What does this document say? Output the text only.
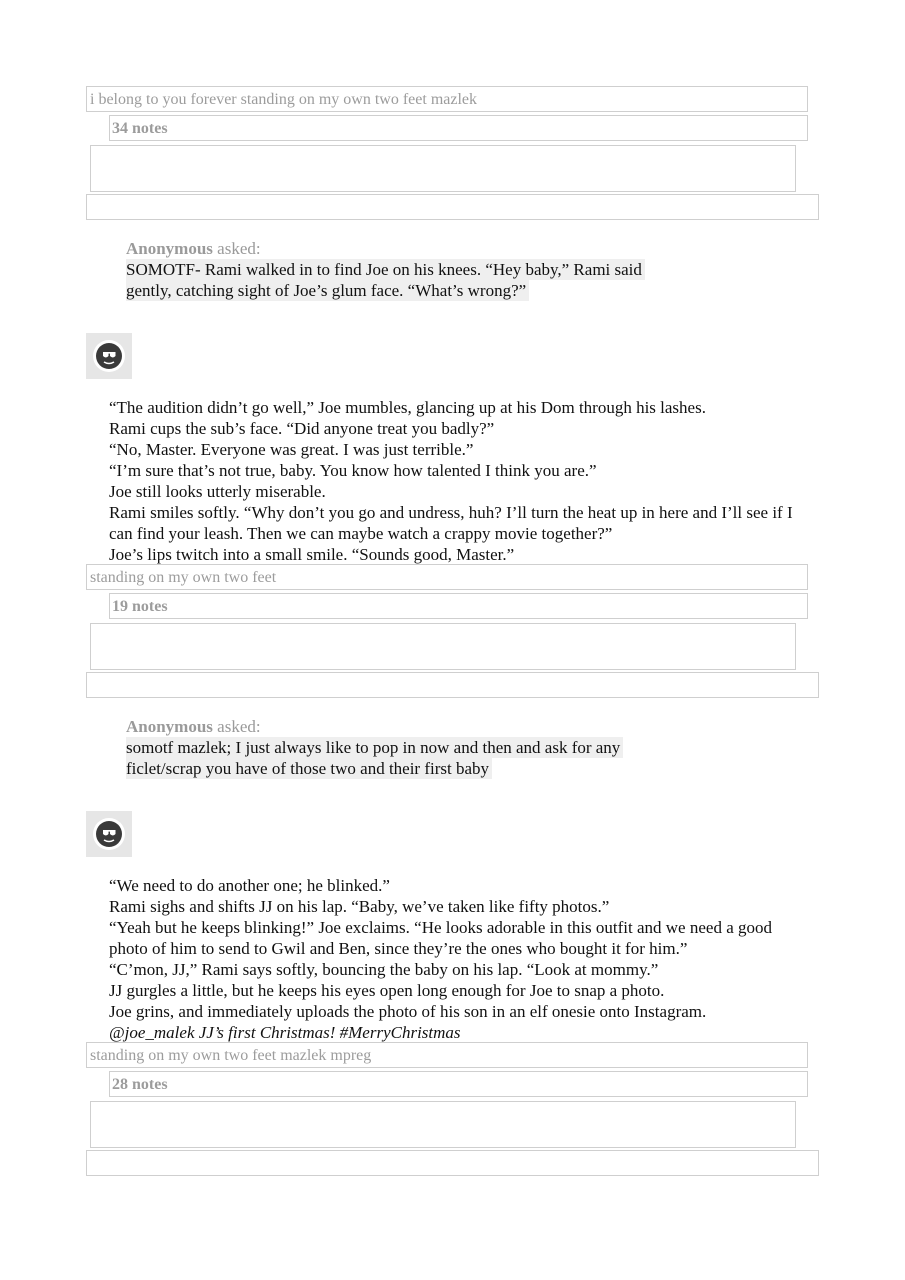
i belong to you forever standing on my own two feet mazlek
34 notes
Anonymous asked:
SOMOTF- Rami walked in to find Joe on his knees. “Hey baby,” Rami said
gently, catching sight of Joe’s glum face. “What’s wrong?”

“The audition didn’t go well,” Joe mumbles, glancing up at his Dom through his lashes.

Rami cups the sub’s face. “Did anyone treat you badly?”

“No, Master. Everyone was great. I was just terrible.”

“I’m sure that’s not true, baby. You know how talented I think you are.”

Joe still looks utterly miserable.

Rami smiles softly. “Why don’t you go and undress, huh? I’ll turn the heat up in here and I’ll see if I can find your leash. Then we can maybe watch a crappy movie together?”

Joe’s lips twitch into a small smile. “Sounds good, Master.”

standing on my own two feet
19 notes
Anonymous asked:
somotf mazlek; I just always like to pop in now and then and ask for any
ficlet/scrap you have of those two and their first baby

“We need to do another one; he blinked.”

Rami sighs and shifts JJ on his lap. “Baby, we’ve taken like fifty photos.”

“Yeah but he keeps blinking!” Joe exclaims. “He looks adorable in this outfit and we need a good photo of him to send to Gwil and Ben, since they’re the ones who bought it for him.”

“C’mon, JJ,” Rami says softly, bouncing the baby on his lap. “Look at mommy.”

JJ gurgles a little, but he keeps his eyes open long enough for Joe to snap a photo.

Joe grins, and immediately uploads the photo of his son in an elf onesie onto Instagram.

@joe_malek JJ’s first Christmas! #MerryChristmas

standing on my own two feet mazlek mpreg
28 notes
